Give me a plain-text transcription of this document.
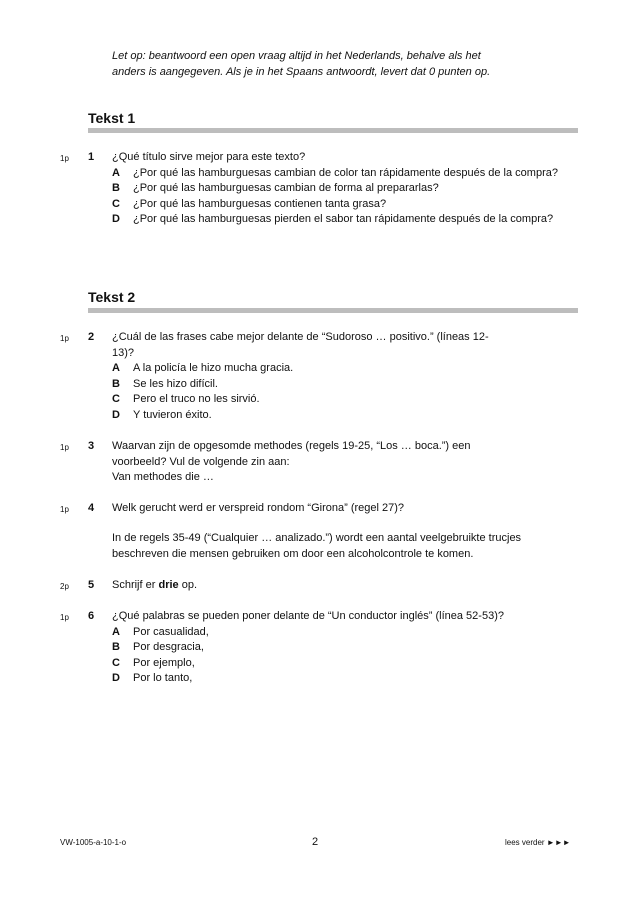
Let op: beantwoord een open vraag altijd in het Nederlands, behalve als het
anders is aangegeven. Als je in het Spaans antwoordt, levert dat 0 punten op.
Tekst 1
1p 1 ¿Qué título sirve mejor para este texto?
A ¿Por qué las hamburguesas cambian de color tan rápidamente después de la compra?
B ¿Por qué las hamburguesas cambian de forma al prepararlas?
C ¿Por qué las hamburguesas contienen tanta grasa?
D ¿Por qué las hamburguesas pierden el sabor tan rápidamente después de la compra?
Tekst 2
1p 2 ¿Cuál de las frases cabe mejor delante de “Sudoroso … positivo.” (líneas 12-13)?
A A la policía le hizo mucha gracia.
B Se les hizo difícil.
C Pero el truco no les sirvió.
D Y tuvieron éxito.
1p 3 Waarvan zijn de opgesomde methodes (regels 19-25, “Los … boca.”) een
voorbeeld? Vul de volgende zin aan:
Van methodes die …
1p 4 Welk gerucht werd er verspreid rondom “Girona” (regel 27)?
In de regels 35-49 (“Cualquier … analizado.”) wordt een aantal veelgebruikte trucjes beschreven die mensen gebruiken om door een alcoholcontrole te komen.
2p 5 Schrijf er drie op.
1p 6 ¿Qué palabras se pueden poner delante de “Un conductor inglés” (línea 52-53)?
A Por casualidad,
B Por desgracia,
C Por ejemplo,
D Por lo tanto,
VW-1005-a-10-1-o	2	lees verder ►►►
